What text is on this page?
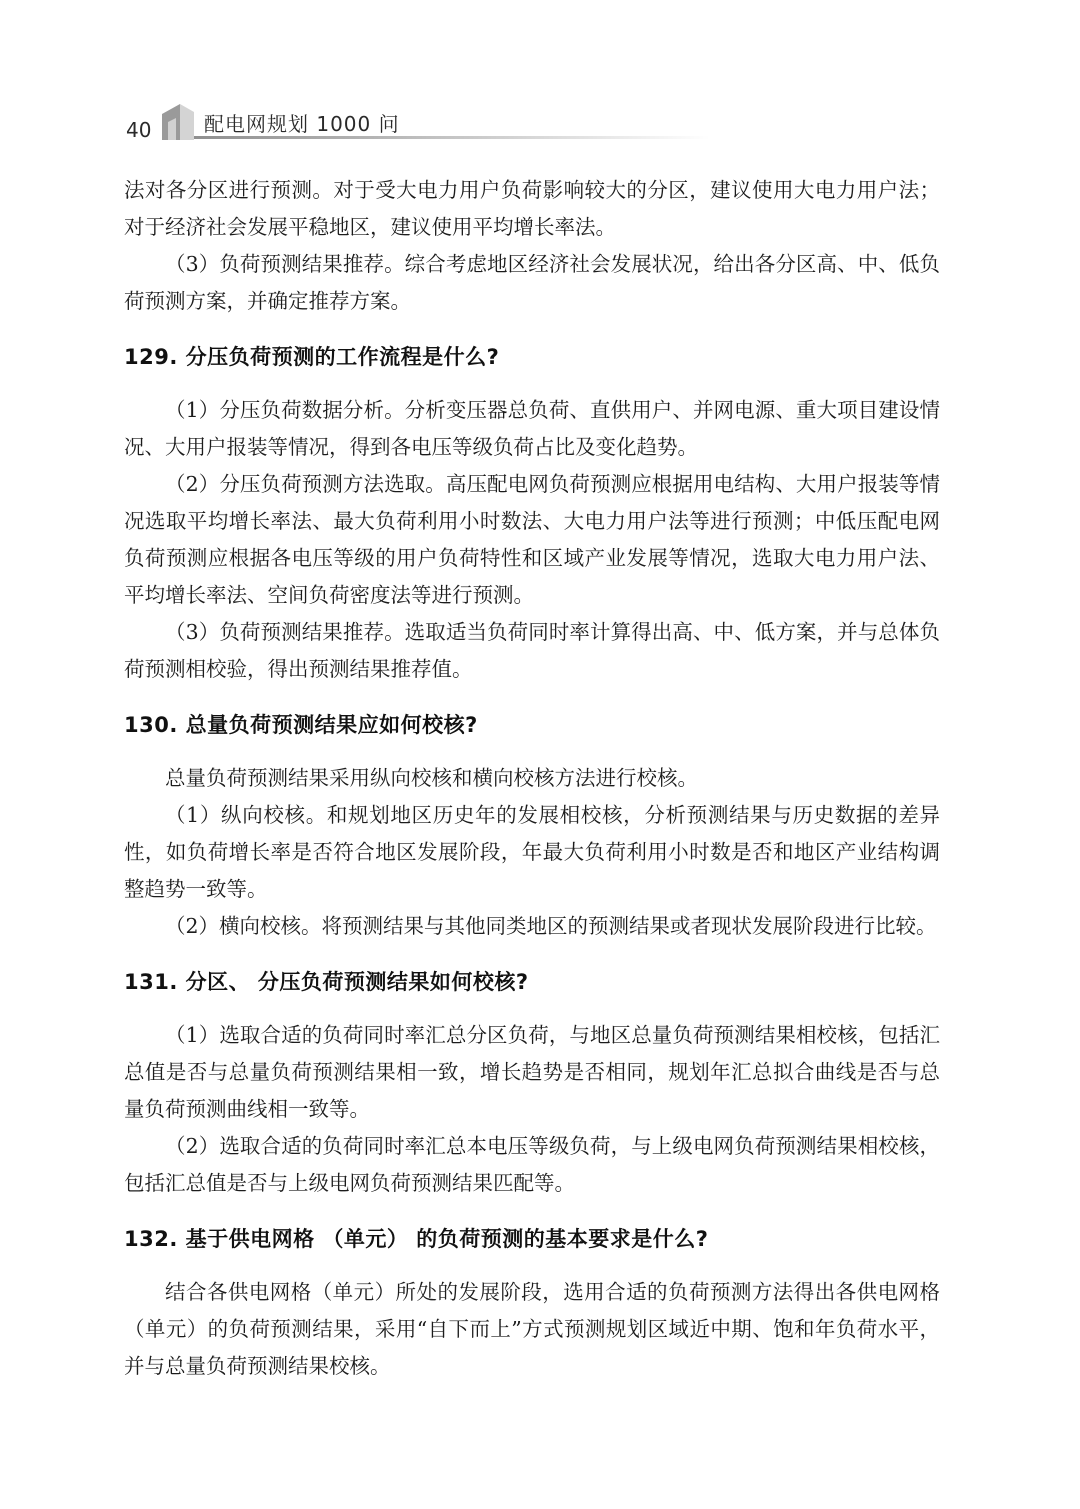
40	配电网规划 1000 问

法对各分区进行预测。对于受大电力用户负荷影响较大的分区，建议使用大电力用户法；对于经济社会发展平稳地区，建议使用平均增长率法。

（3）负荷预测结果推荐。综合考虑地区经济社会发展状况，给出各分区高、中、低负荷预测方案，并确定推荐方案。

129. 分压负荷预测的工作流程是什么?

（1）分压负荷数据分析。分析变压器总负荷、直供用户、并网电源、重大项目建设情况、大用户报装等情况，得到各电压等级负荷占比及变化趋势。

（2）分压负荷预测方法选取。高压配电网负荷预测应根据用电结构、大用户报装等情况选取平均增长率法、最大负荷利用小时数法、大电力用户法等进行预测；中低压配电网负荷预测应根据各电压等级的用户负荷特性和区域产业发展等情况，选取大电力用户法、平均增长率法、空间负荷密度法等进行预测。

（3）负荷预测结果推荐。选取适当负荷同时率计算得出高、中、低方案，并与总体负荷预测相校验，得出预测结果推荐值。

130. 总量负荷预测结果应如何校核?

总量负荷预测结果采用纵向校核和横向校核方法进行校核。

（1）纵向校核。和规划地区历史年的发展相校核，分析预测结果与历史数据的差异性，如负荷增长率是否符合地区发展阶段，年最大负荷利用小时数是否和地区产业结构调整趋势一致等。

（2）横向校核。将预测结果与其他同类地区的预测结果或者现状发展阶段进行比较。

131. 分区、 分压负荷预测结果如何校核?

（1）选取合适的负荷同时率汇总分区负荷，与地区总量负荷预测结果相校核，包括汇总值是否与总量负荷预测结果相一致，增长趋势是否相同，规划年汇总拟合曲线是否与总量负荷预测曲线相一致等。

（2）选取合适的负荷同时率汇总本电压等级负荷，与上级电网负荷预测结果相校核，包括汇总值是否与上级电网负荷预测结果匹配等。

132. 基于供电网格 （单元） 的负荷预测的基本要求是什么?

结合各供电网格（单元）所处的发展阶段，选用合适的负荷预测方法得出各供电网格（单元）的负荷预测结果，采用“自下而上”方式预测规划区域近中期、饱和年负荷水平，并与总量负荷预测结果校核。
